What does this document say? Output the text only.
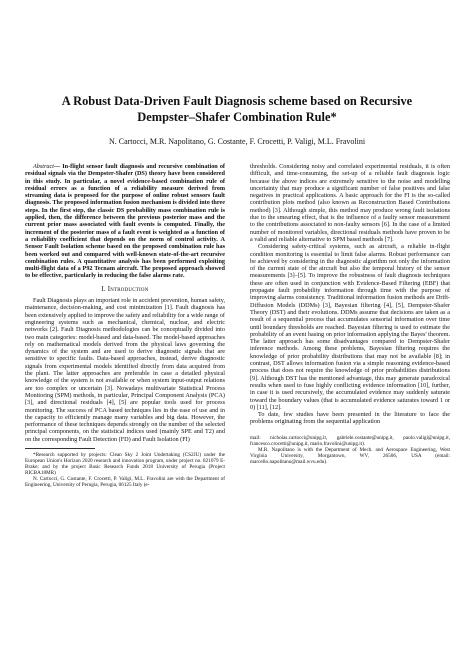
A Robust Data-Driven Fault Diagnosis scheme based on Recursive Dempster–Shafer Combination Rule*

N. Cartocci, M.R. Napolitano, G. Costante, F. Crocetti, P. Valigi, M.L. Fravolini

Abstract— In-flight sensor fault diagnosis and recursive combination of residual signals via the Dempster-Shafer (DS) theory have been considered in this study. In particular, a novel evidence-based combination rule of residual errors as a function of a reliability measure derived from streaming data is proposed for the purpose of online robust sensors fault diagnosis. The proposed information fusion mechanism is divided into three steps. In the first step, the classic DS probability mass combination rule is applied, then, the difference between the previous posterior mass and the current prior mass associated with fault events is computed. Finally, the increment of the posterior mass of a fault event is weighted as a function of a reliability coefficient that depends on the norm of control activity. A Sensor Fault Isolation scheme based on the proposed combination rule has been worked out and compared with well-known state-of-the-art recursive combination rules. A quantitative analysis has been performed exploiting multi-flight data of a P92 Tecnam aircraft. The proposed approach showed to be effective, particularly in reducing the false alarms rate.

I. Introduction

Fault Diagnosis plays an important role in accident prevention, human safety, maintenance, decision-making, and cost minimization [1]. Fault diagnosis has been extensively applied to improve the safety and reliability for a wide range of engineering systems such as mechanical, chemical, nuclear, and electric networks [2]. Fault Diagnosis methodologies can be conceptually divided into two main categories: model-based and data-based. The model-based approaches rely on mathematical models derived from the physical laws governing the dynamics of the system and are used to derive diagnostic signals that are sensitive to specific faults. Data-based approaches, instead, derive diagnostic signals from experimental models identified directly from data acquired from the plant. The latter approaches are preferable in case a detailed physical knowledge of the system is not available or when system input-output relations are too complex or uncertain [3]. Nowadays multivariate Statistical Process Monitoring (SPM) methods, in particular, Principal Component Analysis (PCA) [3], and directional residuals [4], [5] are popular tools used for process monitoring. The success of PCA based techniques lies in the ease of use and in the capacity to efficiently manage many variables and big data. However, the performance of these techniques depends strongly on the number of the selected principal components, on the statistical indices used (mainly SPE and T2) and on the corresponding Fault Detection (FD) and Fault Isolation (FI)

*Research supported by projects: Clean Sky 2 Joint Undertaking (CS2JU) under the European Union's Horizon 2020 research and innovation program, under project no. 821079 E-Brake; and by the project Basic Research Funds 2018 University of Perugia (Project RICBA18MR)

N. Cartocci, G. Costante, F. Crocetti, P. Valigi, M.L. Fravolini are with the Department of Engineering, University of Perugia, Perugia, 06125 Italy (e-

thresholds. Considering noisy and correlated experimental residuals, it is often difficult, and time-consuming, the set-up of a reliable fault diagnosis logic because the above indices are extremely sensitive to the noise and modelling uncertainty that may produce a significant number of false positives and false negatives in practical applications. A basic approach for the FI is the so-called contribution plots method (also known as Reconstruction Based Contributions method) [3]. Although simple, this method may produce wrong fault isolations due to the smearing effect, that is the influence of a faulty sensor measurement to the contributions associated to non-faulty sensors [6]. In the case of a limited number of monitored variables, directional residuals methods have proven to be a valid and reliable alternative to SPM based methods [7].

Considering safety-critical systems, such as aircraft, a reliable in-flight condition monitoring is essential to limit false alarms. Robust performance can be achieved by considering in the diagnostic algorithm not only the information of the current state of the aircraft but also the temporal history of the sensor measurements [3]–[5]. To improve the robustness of fault diagnosis techniques these are often used in conjunction with Evidence-Based Filtering (EBF) that propagate fault probability information through time with the purpose of improving alarms consistency. Traditional information fusion methods are Drift-Diffusion Models (DDMs) [3], Bayesian filtering [4], [5], Dempster-Shafer Theory (DST) and their evolutions. DDMs assume that decisions are taken as a result of a sequential process that accumulates sensorial information over time until boundary thresholds are reached. Bayesian filtering is used to estimate the probability of an event basing on prior information applying the Bayes' theorem. The latter approach has some disadvantages compared to Dempster-Shafer inference methods. Among these problems, Bayesian filtering requires the knowledge of prior probability distributions that may not be available [8]; in contrast, DST allows information fusion via a simple reasoning evidence-based process that does not require the knowledge of prior probabilities distributions [9]. Although DST has the mentioned advantage, this may generate paradoxical results when used to fuse highly conflicting evidence information [10], further, in case it is used recursively, the accumulated evidence may suddenly saturate toward the boundary values (that is accumulated evidence saturates toward 1 or 0) [11], [12].

To date, few studies have been presented in the literature to face the problems originating from the sequential application

mail: nicholas.cartocci@unipg.it, gabriele.costante@unipg.it, paolo.valigi@unipg.it, francesco.crocetti@unipg.it, mario.fravolini@unipg.it).

M.R. Napolitano is with the Department of Mech. and Aerospace Engineering, West Virginia University, Morgantown, WV, 26506, USA (email: marcello.napolitano@mail.wvu.edu).
